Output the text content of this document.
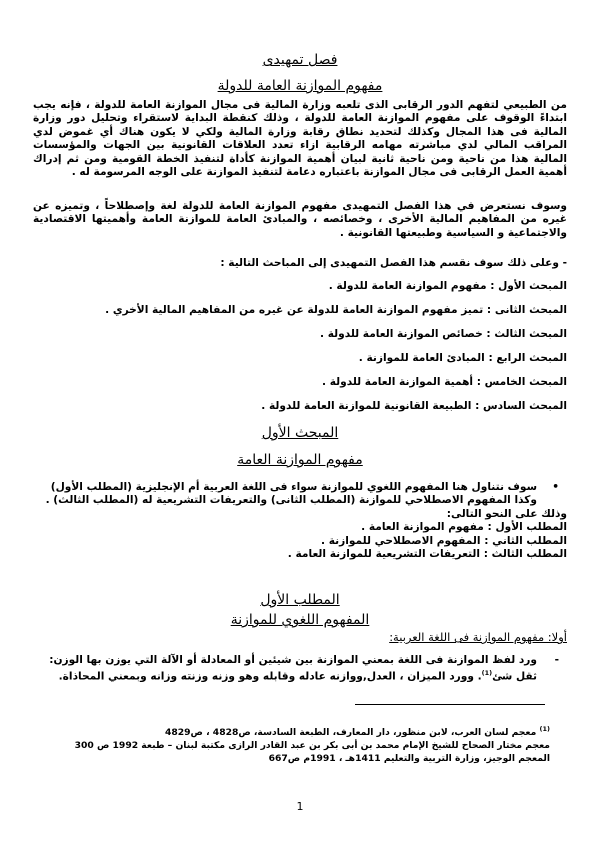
فصل تمهيدى
مفهوم الموازنة العامة للدولة

من الطبيعي لتفهم الدور الرقابى الذى تلعبه وزارة المالية فى مجال الموازنة العامة للدولة ، فإنه يجب ابتداءً الوقوف على مفهوم الموازنة العامة للدولة ، وذلك كنقطة البداية لاستقراء وتحليل دور وزارة المالية فى هذا المجال وكذلك لتحديد نطاق رقابة وزارة المالية ولكي لا يكون هناك أي غموض لدي المراقب المالي لدي مباشرته مهامه الرقابية ازاء تعدد العلاقات القانونية بين الجهات والمؤسسات المالية هذا من ناحية ومن ناحية ثانية لبيان أهمية الموازنة كأداة لتنفيذ الخطة القومية ومن ثم إدراك أهمية العمل الرقابى فى مجال الموازنة باعتباره دعامة لتنفيذ الموازنة على الوجه المرسومة له .

وسوف نستعرض في هذا الفصل التمهيدى مفهوم الموازنة العامة للدولة لغة وإصطلاحاً ، وتميزه عن غيره من المفاهيم المالية الأخرى ، وخصائصه ، والمبادئ العامة للموازنة العامة وأهميتها الاقتصادية والاجتماعية و السياسية وطبيعتها القانونية .

- وعلى ذلك سوف نقسم هذا الفصل التمهيدى إلى المباحث التالية :
المبحث الأول : مفهوم الموازنة العامة للدولة .
المبحث الثانى : تميز مفهوم الموازنة العامة للدولة عن غيره من المفاهيم المالية الأخري .
المبحث الثالث : خصائص الموازنة العامة للدولة .
المبحث الرابع : المبادئ العامة للموازنة .
المبحث الخامس : أهمية الموازنة العامة للدولة .
المبحث السادس : الطبيعة القانونية للموازنة العامة للدولة .
المبحث الأول
مفهوم الموازنة العامة
•
سوف نتناول هنا المفهوم اللغوي للموازنة سواء فى اللغة العربية أم الإنجليزية (المطلب الأول) وكذا المفهوم الاصطلاحي للموازنة (المطلب الثانى) والتعريفات التشريعية له (المطلب الثالث) .
وذلك على النحو التالى:
المطلب الأول : مفهوم الموازنة العامة .
المطلب الثاني : المفهوم الاصطلاحي للموازنة .
المطلب الثالث : التعريفات التشريعية للموازنة العامة .
المطلب الأول
المفهوم اللغوي للموازنة
أولا: مفهوم الموازنة فى اللغة العربية:
-
ورد لفظ الموازنة فى اللغة بمعني الموازنة بين شيئين أو المعادلة أو الآلة التي يوزن بها الوزن: ثقل شئ$^{(1)}$. وورد الميزان ، العدل,ووازنه عادله وقابله وهو وزنه وزنته وزانه وبمعني المحاذاة.
$^{(1)}$ معجم لسان العرب، لابن منظور، دار المعارف، الطبعة السادسة، ص4828 ، ص4829
معجم مختار الصحاح للشيخ الإمام محمد بن أبى بكر بن عبد القادر الرازى مكتبة لبنان – طبعة 1992 ص 300
المعجم الوجيز، وزارة التربية والتعليم 1411هـ ، 1991م ص667
1
